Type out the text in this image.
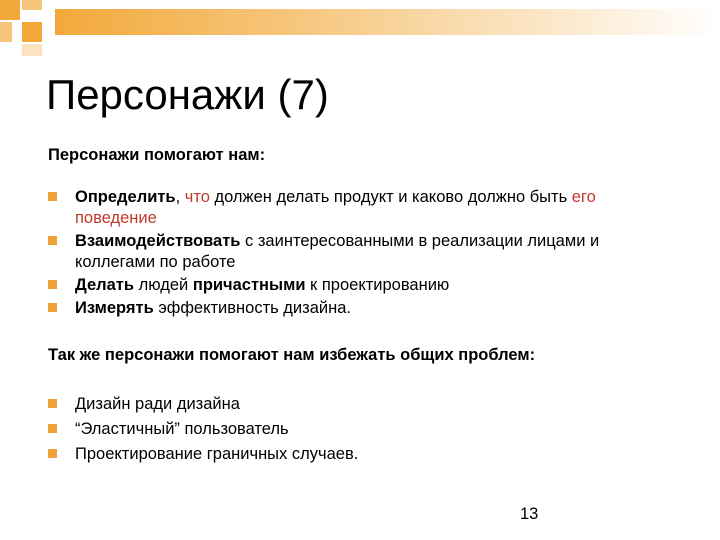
Персонажи (7)

Персонажи помогают нам:

Определить, что должен делать продукт и каково должно быть его поведение
Взаимодействовать с заинтересованными в реализации лицами и коллегами по работе
Делать людей причастными к проектированию
Измерять эффективность дизайна.

Так же персонажи помогают нам избежать общих проблем:

Дизайн ради дизайна
“Эластичный” пользователь
Проектирование граничных случаев.
13
